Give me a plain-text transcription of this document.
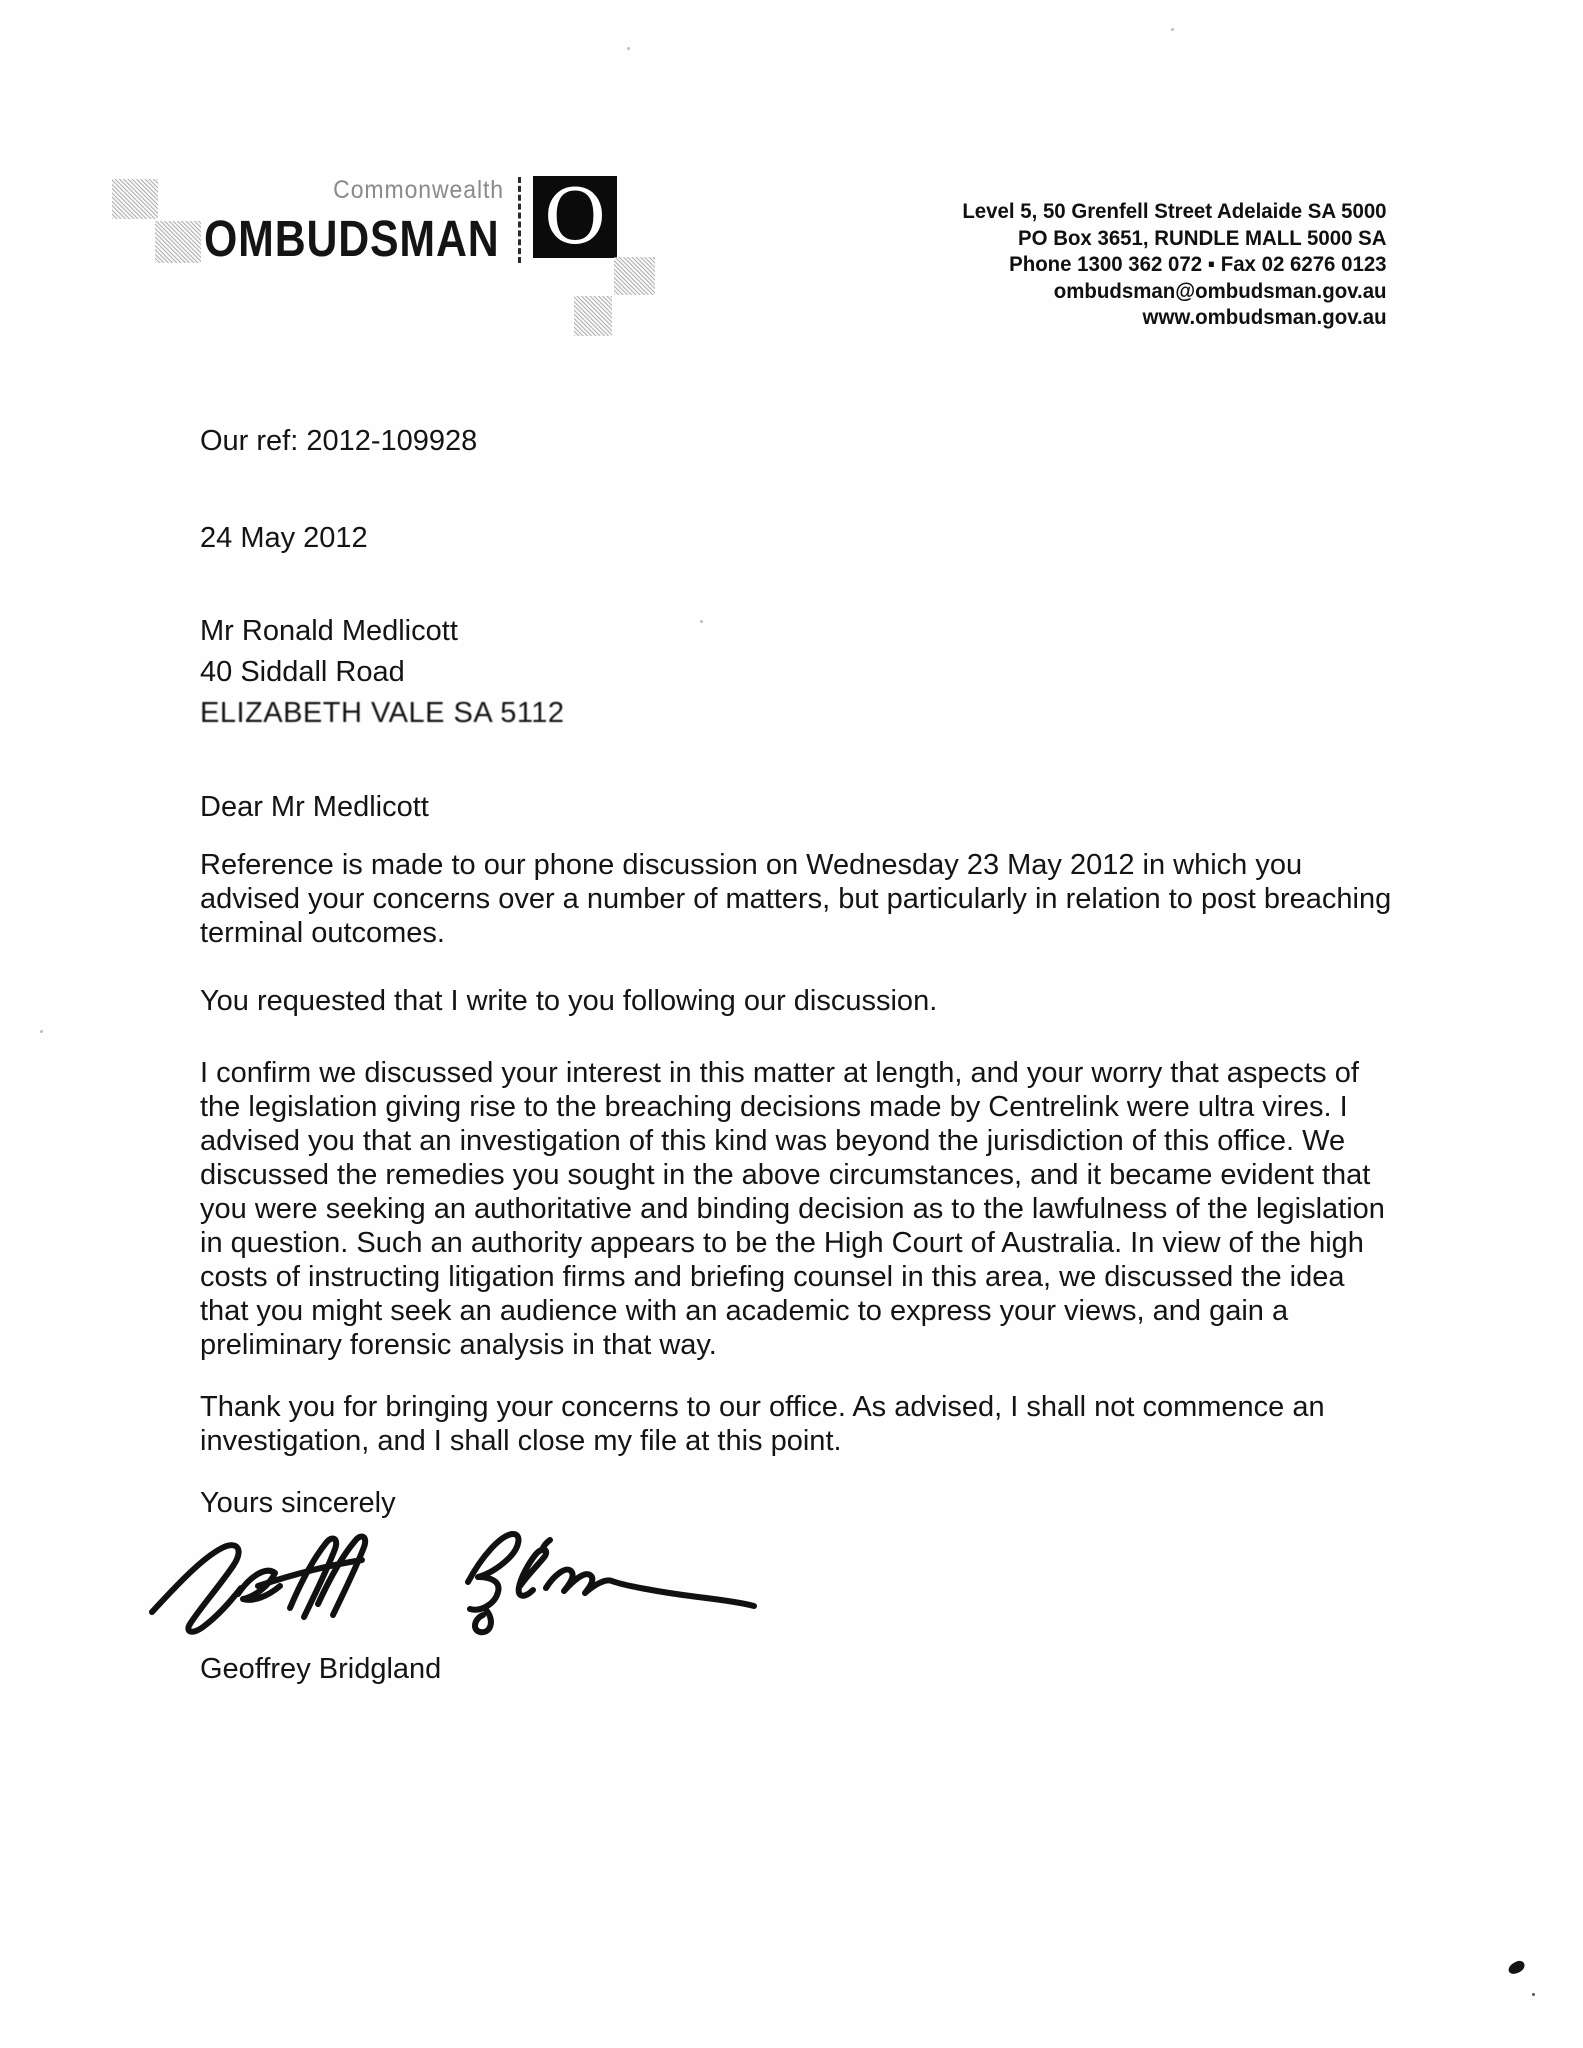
Commonwealth
OMBUDSMAN O	Level 5, 50 Grenfell Street Adelaide SA 5000
PO Box 3651, RUNDLE MALL 5000 SA
Phone 1300 362 072 ▪ Fax 02 6276 0123
ombudsman@ombudsman.gov.au
www.ombudsman.gov.au
Our ref: 2012-109928
24 May 2012
Mr Ronald Medlicott
40 Siddall Road
ELIZABETH VALE SA 5112
Dear Mr Medlicott
Reference is made to our phone discussion on Wednesday 23 May 2012 in which you
advised your concerns over a number of matters, but particularly in relation to post breaching
terminal outcomes.
You requested that I write to you following our discussion.
I confirm we discussed your interest in this matter at length, and your worry that aspects of
the legislation giving rise to the breaching decisions made by Centrelink were ultra vires. I
advised you that an investigation of this kind was beyond the jurisdiction of this office. We
discussed the remedies you sought in the above circumstances, and it became evident that
you were seeking an authoritative and binding decision as to the lawfulness of the legislation
in question. Such an authority appears to be the High Court of Australia. In view of the high
costs of instructing litigation firms and briefing counsel in this area, we discussed the idea
that you might seek an audience with an academic to express your views, and gain a
preliminary forensic analysis in that way.
Thank you for bringing your concerns to our office. As advised, I shall not commence an
investigation, and I shall close my file at this point.
Yours sincerely
Geoffrey Bridgland
